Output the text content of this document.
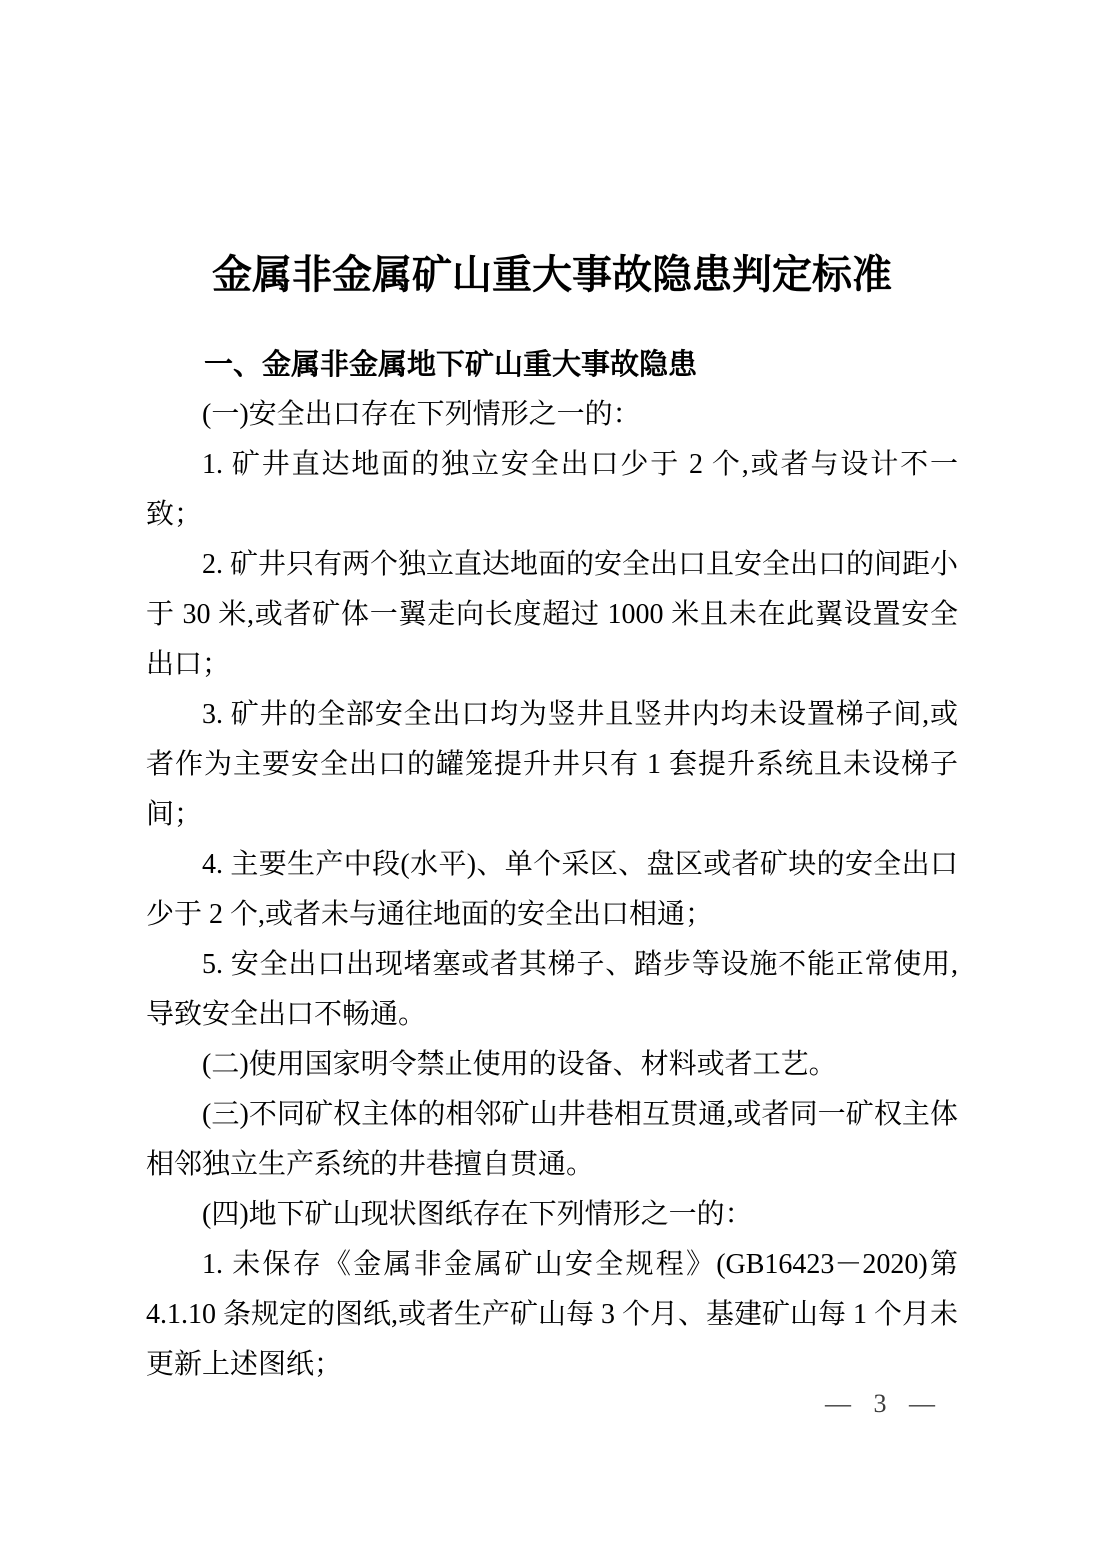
金属非金属矿山重大事故隐患判定标准
一、金属非金属地下矿山重大事故隐患

(一)安全出口存在下列情形之一的：

1. 矿井直达地面的独立安全出口少于 2 个,或者与设计不一致；

2. 矿井只有两个独立直达地面的安全出口且安全出口的间距小于 30 米,或者矿体一翼走向长度超过 1000 米且未在此翼设置安全出口；

3. 矿井的全部安全出口均为竖井且竖井内均未设置梯子间,或者作为主要安全出口的罐笼提升井只有 1 套提升系统且未设梯子间；

4. 主要生产中段(水平)、单个采区、盘区或者矿块的安全出口少于 2 个,或者未与通往地面的安全出口相通；

5. 安全出口出现堵塞或者其梯子、踏步等设施不能正常使用,导致安全出口不畅通。

(二)使用国家明令禁止使用的设备、材料或者工艺。

(三)不同矿权主体的相邻矿山井巷相互贯通,或者同一矿权主体相邻独立生产系统的井巷擅自贯通。

(四)地下矿山现状图纸存在下列情形之一的：

1. 未保存《金属非金属矿山安全规程》(GB16423－2020)第 4.1.10 条规定的图纸,或者生产矿山每 3 个月、基建矿山每 1 个月未更新上述图纸；

— 3 —
